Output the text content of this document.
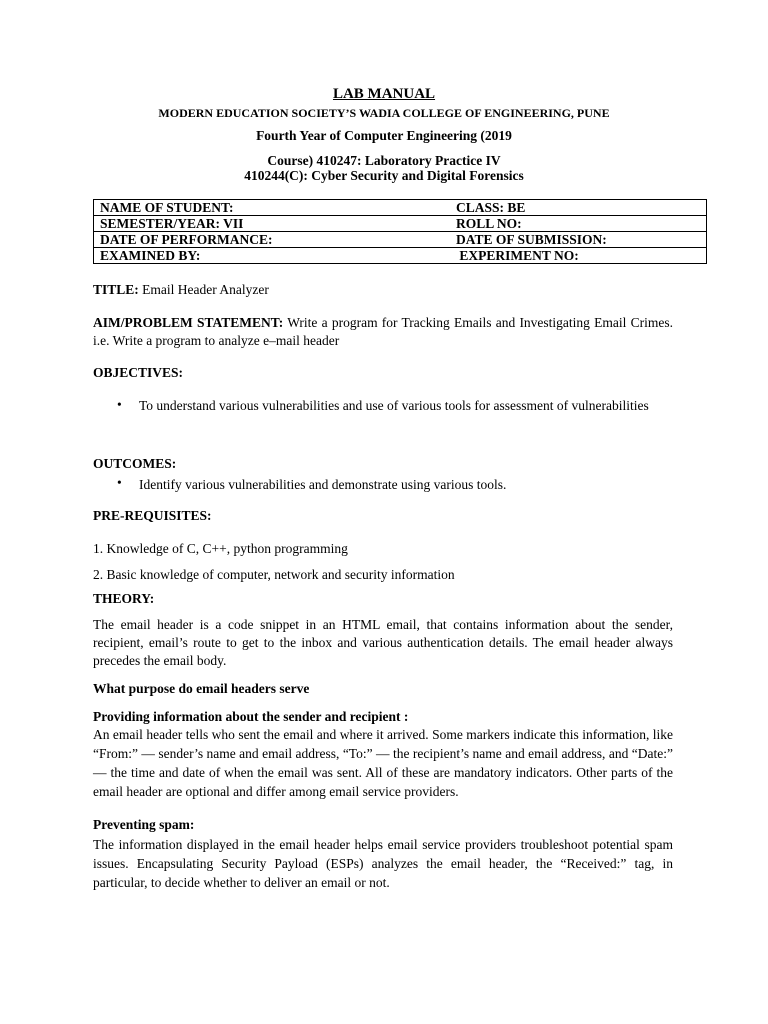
LAB MANUAL
MODERN EDUCATION SOCIETY’S WADIA COLLEGE OF ENGINEERING, PUNE
Fourth Year of Computer Engineering (2019
Course) 410247: Laboratory Practice IV
410244(C): Cyber Security and Digital Forensics
NAME OF STUDENT:	CLASS: BE
SEMESTER/YEAR: VII	ROLL NO:
DATE OF PERFORMANCE:	DATE OF SUBMISSION:
EXAMINED BY:	EXPERIMENT NO:
TITLE: Email Header Analyzer
AIM/PROBLEM STATEMENT: Write a program for Tracking Emails and Investigating Email Crimes. i.e. Write a program to analyze e–mail header
OBJECTIVES:
• To understand various vulnerabilities and use of various tools for assessment of vulnerabilities
OUTCOMES:
• Identify various vulnerabilities and demonstrate using various tools.
PRE-REQUISITES:
1. Knowledge of C, C++, python programming
2. Basic knowledge of computer, network and security information
THEORY:
The email header is a code snippet in an HTML email, that contains information about the sender, recipient, email’s route to get to the inbox and various authentication details. The email header always precedes the email body.
What purpose do email headers serve
Providing information about the sender and recipient :
An email header tells who sent the email and where it arrived. Some markers indicate this information, like “From:” — sender’s name and email address, “To:” — the recipient’s name and email address, and “Date:” — the time and date of when the email was sent. All of these are mandatory indicators. Other parts of the email header are optional and differ among email service providers.
Preventing spam:
The information displayed in the email header helps email service providers troubleshoot potential spam issues. Encapsulating Security Payload (ESPs) analyzes the email header, the “Received:” tag, in particular, to decide whether to deliver an email or not.
